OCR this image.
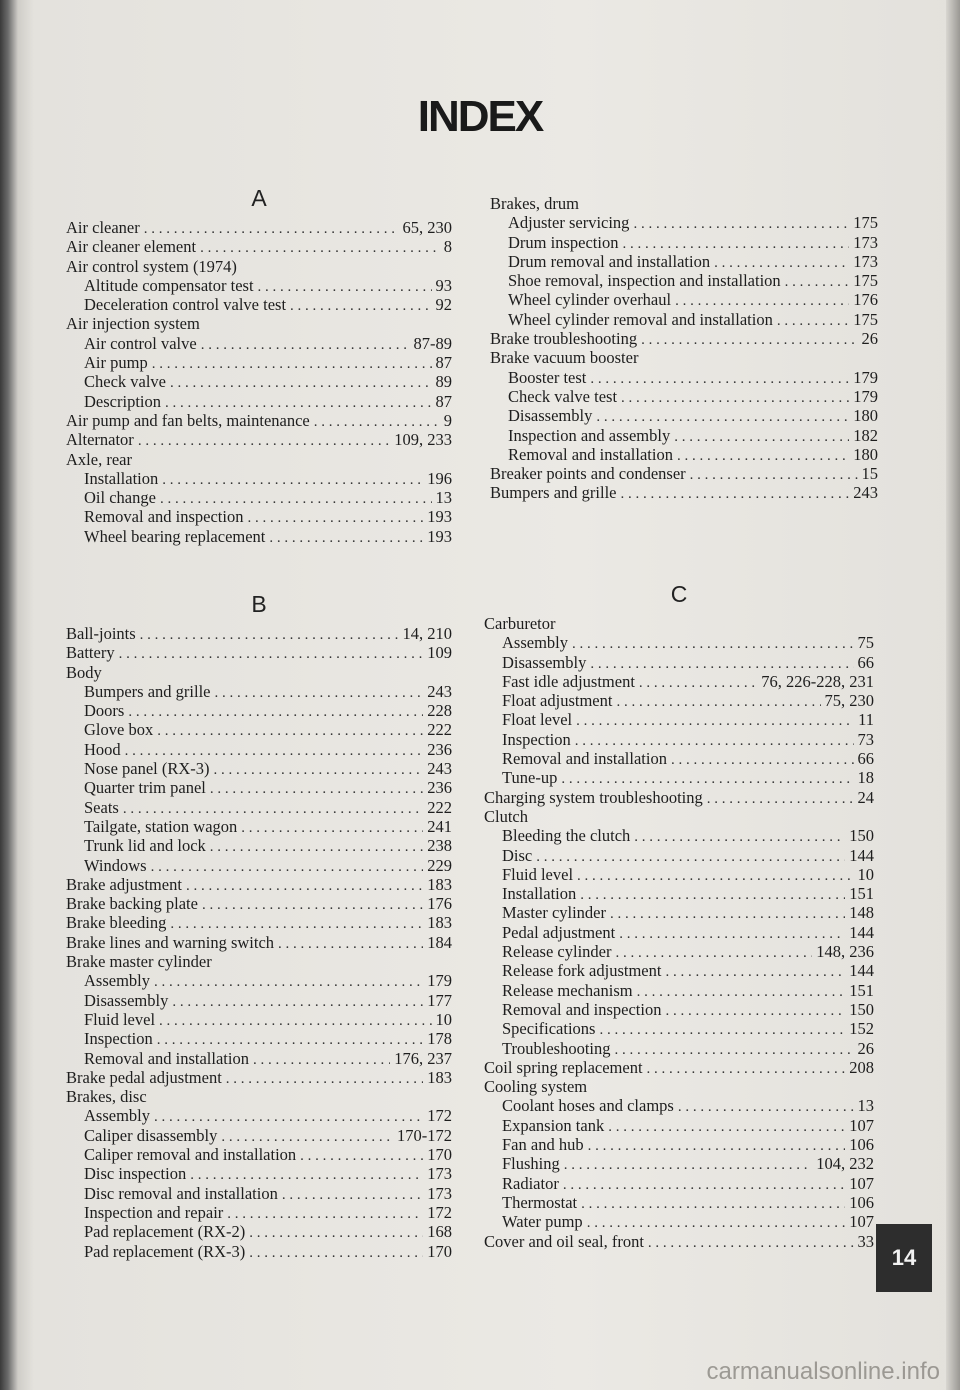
INDEX
A
Air cleaner . . .	65, 230
Air cleaner element . . .	8
Air control system (1974)
Altitude compensator test . . .	93
Deceleration control valve test . . .	92
Air injection system
Air control valve . . .	87-89
Air pump . . .	87
Check valve . . .	89
Description . . .	87
Air pump and fan belts, maintenance . . .	9
Alternator . . .	109, 233
Axle, rear
Installation . . .	196
Oil change . . .	13
Removal and inspection . . .	193
Wheel bearing replacement . . .	193
B
Ball-joints . . .	14, 210
Battery . . .	109
Body
Bumpers and grille . . .	243
Doors . . .	228
Glove box . . .	222
Hood . . .	236
Nose panel (RX-3) . . .	243
Quarter trim panel . . .	236
Seats . . .	222
Tailgate, station wagon . . .	241
Trunk lid and lock . . .	238
Windows . . .	229
Brake adjustment . . .	183
Brake backing plate . . .	176
Brake bleeding . . .	183
Brake lines and warning switch . . .	184
Brake master cylinder
Assembly . . .	179
Disassembly . . .	177
Fluid level . . .	10
Inspection . . .	178
Removal and installation . . .	176, 237
Brake pedal adjustment . . .	183
Brakes, disc
Assembly . . .	172
Caliper disassembly . . .	170-172
Caliper removal and installation . . .	170
Disc inspection . . .	173
Disc removal and installation . . .	173
Inspection and repair . . .	172
Pad replacement (RX-2) . . .	168
Pad replacement (RX-3) . . .	170
Brakes, drum
Adjuster servicing . . .	175
Drum inspection . . .	173
Drum removal and installation . . .	173
Shoe removal, inspection and installation . . .	175
Wheel cylinder overhaul . . .	176
Wheel cylinder removal and installation . . .	175
Brake troubleshooting . . .	26
Brake vacuum booster
Booster test . . .	179
Check valve test . . .	179
Disassembly . . .	180
Inspection and assembly . . .	182
Removal and installation . . .	180
Breaker points and condenser . . .	15
Bumpers and grille . . .	243
C
Carburetor
Assembly . . .	75
Disassembly . . .	66
Fast idle adjustment . . .	76, 226-228, 231
Float adjustment . . .	75, 230
Float level . . .	11
Inspection . . .	73
Removal and installation . . .	66
Tune-up . . .	18
Charging system troubleshooting . . .	24
Clutch
Bleeding the clutch . . .	150
Disc . . .	144
Fluid level . . .	10
Installation . . .	151
Master cylinder . . .	148
Pedal adjustment . . .	144
Release cylinder . . .	148, 236
Release fork adjustment . . .	144
Release mechanism . . .	151
Removal and inspection . . .	150
Specifications . . .	152
Troubleshooting . . .	26
Coil spring replacement . . .	208
Cooling system
Coolant hoses and clamps . . .	13
Expansion tank . . .	107
Fan and hub . . .	106
Flushing . . .	104, 232
Radiator . . .	107
Thermostat . . .	106
Water pump . . .	107
Cover and oil seal, front . . .	33
14
carmanualsonline.info
